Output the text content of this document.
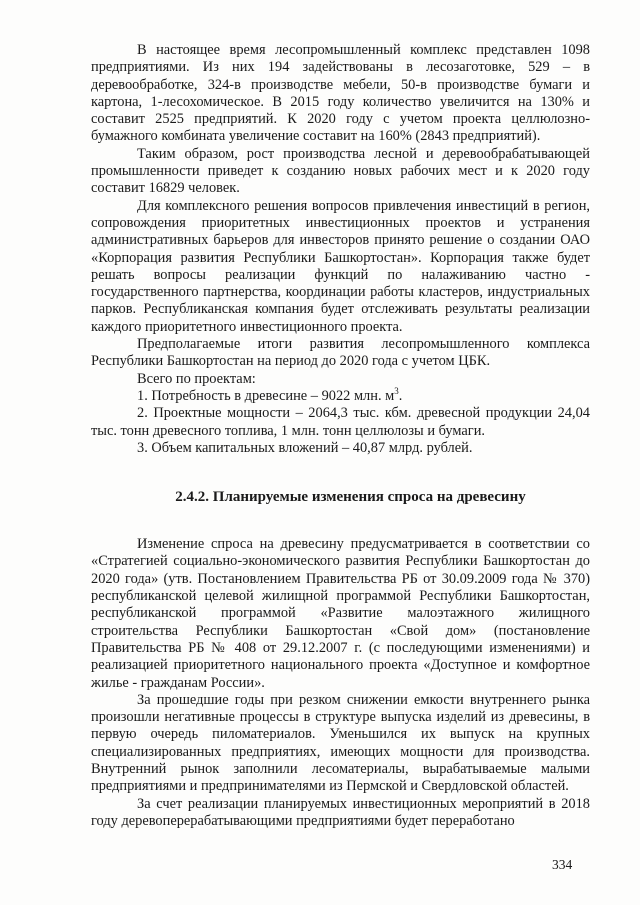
В настоящее время лесопромышленный комплекс представлен 1098 предприятиями. Из них 194 задействованы в лесозаготовке, 529 – в деревообработке, 324-в производстве мебели, 50-в производстве бумаги и картона, 1-лесохомическое. В 2015 году количество увеличится на 130% и составит 2525 предприятий. К 2020 году с учетом проекта целлюлозно-бумажного комбината увеличение составит на 160% (2843 предприятий).

Таким образом, рост производства лесной и деревообрабатывающей промышленности приведет к созданию новых рабочих мест и к 2020 году составит 16829 человек.

Для комплексного решения вопросов привлечения инвестиций в регион, сопровождения приоритетных инвестиционных проектов и устранения административных барьеров для инвесторов принято решение о создании ОАО «Корпорация развития Республики Башкортостан». Корпорация также будет решать вопросы реализации функций по налаживанию частно - государственного партнерства, координации работы кластеров, индустриальных парков. Республиканская компания будет отслеживать результаты реализации каждого приоритетного инвестиционного проекта.

Предполагаемые итоги развития лесопромышленного комплекса Республики Башкортостан на период до 2020 года с учетом ЦБК.

Всего по проектам:

1. Потребность в древесине – 9022 млн. $м^3$.

2. Проектные мощности – 2064,3 тыс. кбм. древесной продукции 24,04 тыс. тонн древесного топлива, 1 млн. тонн целлюлозы и бумаги.

3. Объем капитальных вложений – 40,87 млрд. рублей.

2.4.2. Планируемые изменения спроса на древесину

Изменение спроса на древесину предусматривается в соответствии со «Стратегией социально-экономического развития Республики Башкортостан до 2020 года» (утв. Постановлением Правительства РБ от 30.09.2009 года № 370) республиканской целевой жилищной программой Республики Башкортостан, республиканской программой «Развитие малоэтажного жилищного строительства Республики Башкортостан «Свой дом» (постановление Правительства РБ № 408 от 29.12.2007 г. (с последующими изменениями) и реализацией приоритетного национального проекта «Доступное и комфортное жилье - гражданам России».

За прошедшие годы при резком снижении емкости внутреннего рынка произошли негативные процессы в структуре выпуска изделий из древесины, в первую очередь пиломатериалов. Уменьшился их выпуск на крупных специализированных предприятиях, имеющих мощности для производства. Внутренний рынок заполнили лесоматериалы, вырабатываемые малыми предприятиями и предпринимателями из Пермской и Свердловской областей.

За счет реализации планируемых инвестиционных мероприятий в 2018 году деревоперерабатывающими предприятиями будет переработано

334
